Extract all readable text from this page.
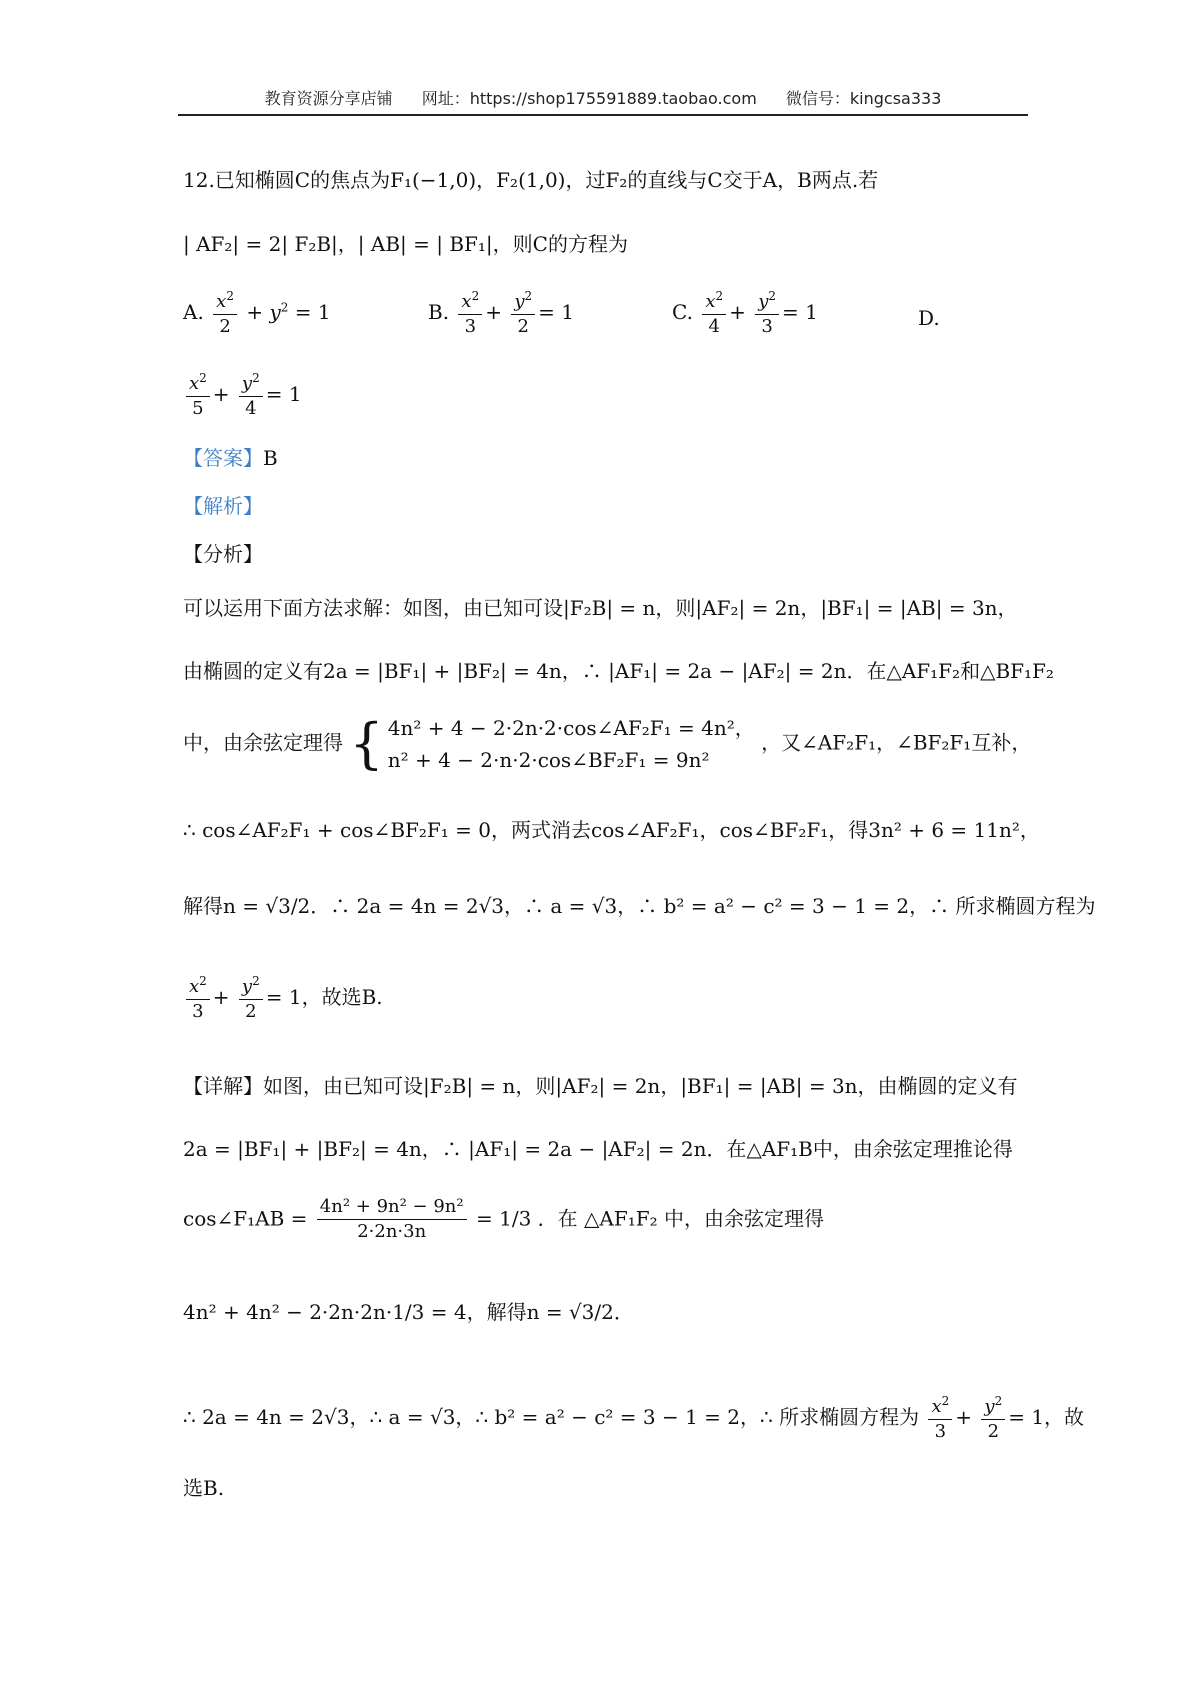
教育资源分享店铺 网址：https://shop175591889.taobao.com 微信号：kingcsa333
12.已知椭圆C的焦点为F₁(−1,0)，F₂(1,0)，过F₂的直线与C交于A，B两点.若
| AF₂| = 2| F₂B|，| AB| = | BF₁|，则C的方程为
A. $\frac{x^2}{2} + y^2 = 1$	B. $\frac{x^2}{3} + \frac{y^2}{2} = 1$	C. $\frac{x^2}{4} + \frac{y^2}{3} = 1$	D.
$\frac{x^2}{5} + \frac{y^2}{4} = 1$
【答案】B
【解析】
【分析】
可以运用下面方法求解：如图，由已知可设|F₂B| = n，则|AF₂| = 2n，|BF₁| = |AB| = 3n，
由椭圆的定义有2a = |BF₁| + |BF₂| = 4n，∴ |AF₁| = 2a − |AF₂| = 2n．在△AF₁F₂和△BF₁F₂
中，由余弦定理得 { 4n² + 4 − 2·2n·2·cos∠AF₂F₁ = 4n²，
n² + 4 − 2·n·2·cos∠BF₂F₁ = 9n²
，又∠AF₂F₁，∠BF₂F₁互补，
∴ cos∠AF₂F₁ + cos∠BF₂F₁ = 0，两式消去cos∠AF₂F₁，cos∠BF₂F₁，得3n² + 6 = 11n²，
解得n = √3/2．∴ 2a = 4n = 2√3，∴ a = √3，∴ b² = a² − c² = 3 − 1 = 2，∴ 所求椭圆方程为
$\frac{x^2}{3} + \frac{y^2}{2} = 1$，故选B.
【详解】如图，由已知可设|F₂B| = n，则|AF₂| = 2n，|BF₁| = |AB| = 3n，由椭圆的定义有
2a = |BF₁| + |BF₂| = 4n，∴ |AF₁| = 2a − |AF₂| = 2n．在△AF₁B中，由余弦定理推论得
cos∠F₁AB = $\frac{\text{4n² + 9n² − 9n²}}{2\cdot 2n\cdot 3n} = 1/3$ ．在 △AF₁F₂ 中，由余弦定理得
4n² + 4n² − 2·2n·2n·1/3 = 4，解得n = √3/2．
∴ 2a = 4n = 2√3，∴ a = √3，∴ b² = a² − c² = 3 − 1 = 2，∴ 所求椭圆方程为 $\frac{x^2}{3} + \frac{y^2}{2} = 1$，故
选B.
